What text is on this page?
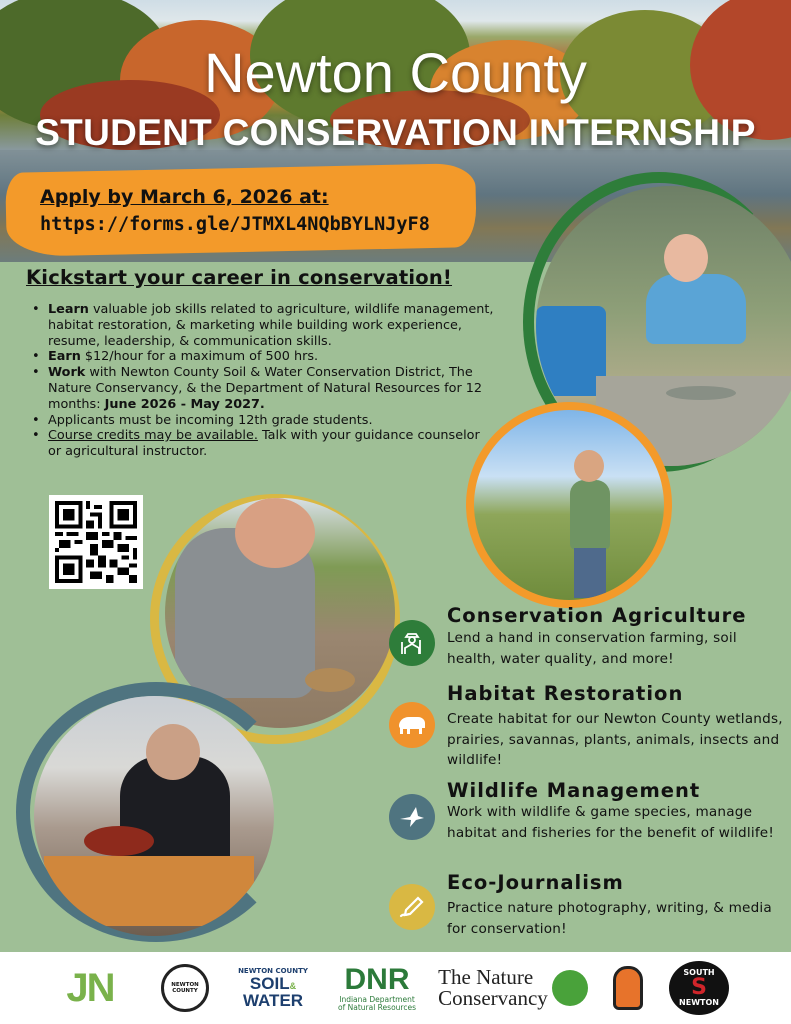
Newton County
STUDENT CONSERVATION INTERNSHIP
Apply by March 6, 2026 at:
https://forms.gle/JTMXL4NQbBYLNJyF8
Kickstart your career in conservation!
• Learn valuable job skills related to agriculture, wildlife management, habitat restoration, & marketing while building work experience, resume, leadership, & communication skills.
• Earn $12/hour for a maximum of 500 hrs.
• Work with Newton County Soil & Water Conservation District, The Nature Conservancy, & the Department of Natural Resources for 12 months: June 2026 - May 2027.
• Applicants must be incoming 12th grade students.
• Course credits may be available. Talk with your guidance counselor or agricultural instructor.
Conservation Agriculture
Lend a hand in conservation farming, soil health, water quality, and more!
Habitat Restoration
Create habitat for our Newton County wetlands, prairies, savannas, plants, animals, insects and wildlife!
Wildlife Management
Work with wildlife & game species, manage habitat and fisheries for the benefit of wildlife!
Eco-Journalism
Practice nature photography, writing, & media for conservation!
JN	NEWTON COUNTY
NEWTON COUNTY
SOIL&
WATER
DNR
Indiana Department
of Natural Resources
The Nature
Conservancy
SOUTH
S
NEWTON
